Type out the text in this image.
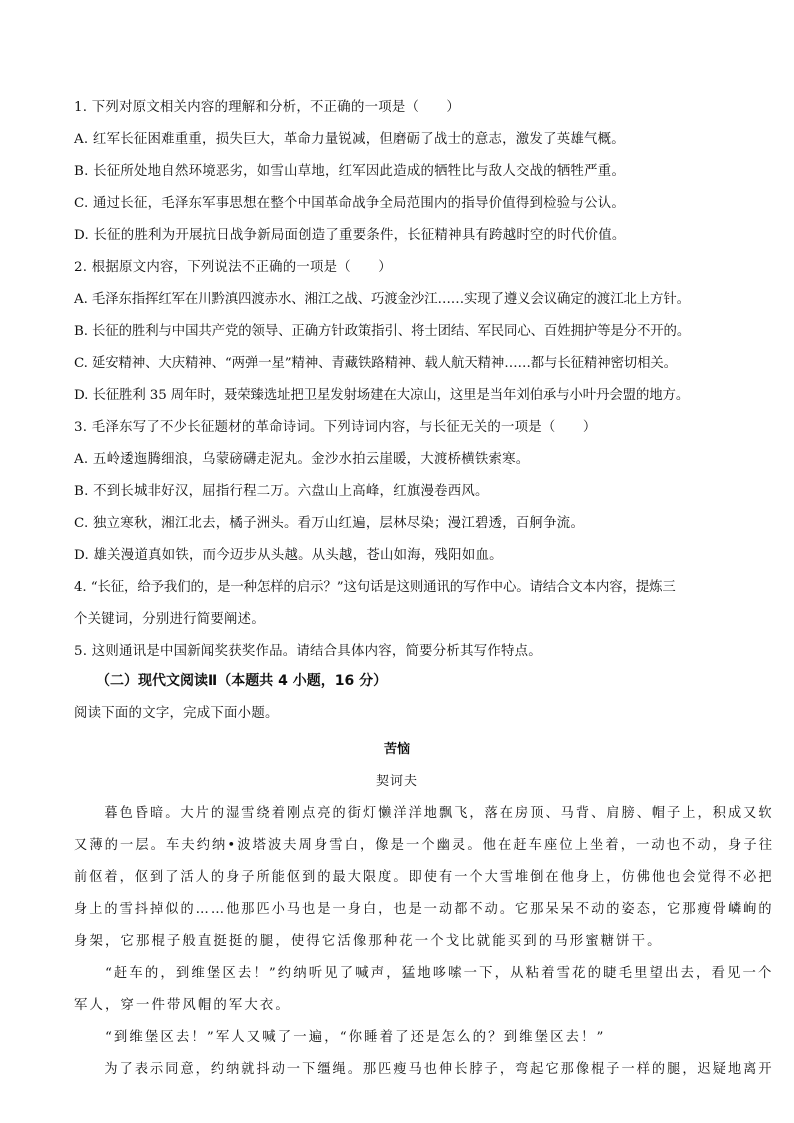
1. 下列对原文相关内容的理解和分析，不正确的一项是（　　）
A. 红军长征困难重重，损失巨大，革命力量锐减，但磨砺了战士的意志，激发了英雄气概。
B. 长征所处地自然环境恶劣，如雪山草地，红军因此造成的牺牲比与敌人交战的牺牲严重。
C. 通过长征，毛泽东军事思想在整个中国革命战争全局范围内的指导价值得到检验与公认。
D. 长征的胜利为开展抗日战争新局面创造了重要条件，长征精神具有跨越时空的时代价值。
2. 根据原文内容，下列说法不正确的一项是（　　）
A. 毛泽东指挥红军在川黔滇四渡赤水、湘江之战、巧渡金沙江……实现了遵义会议确定的渡江北上方针。
B. 长征的胜利与中国共产党的领导、正确方针政策指引、将士团结、军民同心、百姓拥护等是分不开的。
C. 延安精神、大庆精神、“两弹一星”精神、青藏铁路精神、载人航天精神……都与长征精神密切相关。
D. 长征胜利 35 周年时，聂荣臻选址把卫星发射场建在大凉山，这里是当年刘伯承与小叶丹会盟的地方。
3. 毛泽东写了不少长征题材的革命诗词。下列诗词内容，与长征无关的一项是（　　）
A. 五岭逶迤腾细浪，乌蒙磅礴走泥丸。金沙水拍云崖暖，大渡桥横铁索寒。
B. 不到长城非好汉，屈指行程二万。六盘山上高峰，红旗漫卷西风。
C. 独立寒秋，湘江北去，橘子洲头。看万山红遍，层林尽染；漫江碧透，百舸争流。
D. 雄关漫道真如铁，而今迈步从头越。从头越，苍山如海，残阳如血。
4. “长征，给予我们的，是一种怎样的启示？”这句话是这则通讯的写作中心。请结合文本内容，提炼三
个关键词，分别进行简要阐述。
5. 这则通讯是中国新闻奖获奖作品。请结合具体内容，简要分析其写作特点。
（二）现代文阅读Ⅱ（本题共 4 小题，16 分）
阅读下面的文字，完成下面小题。
苦恼
契诃夫
　　暮色昏暗。大片的湿雪绕着刚点亮的街灯懒洋洋地飘飞，落在房顶、马背、肩膀、帽子上，积成又软
又薄的一层。车夫约纳•波塔波夫周身雪白，像是一个幽灵。他在赶车座位上坐着，一动也不动，身子往
前伛着，伛到了活人的身子所能伛到的最大限度。即使有一个大雪堆倒在他身上，仿佛他也会觉得不必把
身上的雪抖掉似的……他那匹小马也是一身白，也是一动都不动。它那呆呆不动的姿态，它那瘦骨嶙峋的
身架，它那棍子般直挺挺的腿，使得它活像那种花一个戈比就能买到的马形蜜糖饼干。
　　“赶车的，到维堡区去！”约纳听见了喊声，猛地哆嗦一下，从粘着雪花的睫毛里望出去，看见一个
军人，穿一件带风帽的军大衣。
　　“到维堡区去！”军人又喊了一遍，“你睡着了还是怎么的？到维堡区去！”
　　为了表示同意，约纳就抖动一下缰绳。那匹瘦马也伸长脖子，弯起它那像棍子一样的腿，迟疑地离开
